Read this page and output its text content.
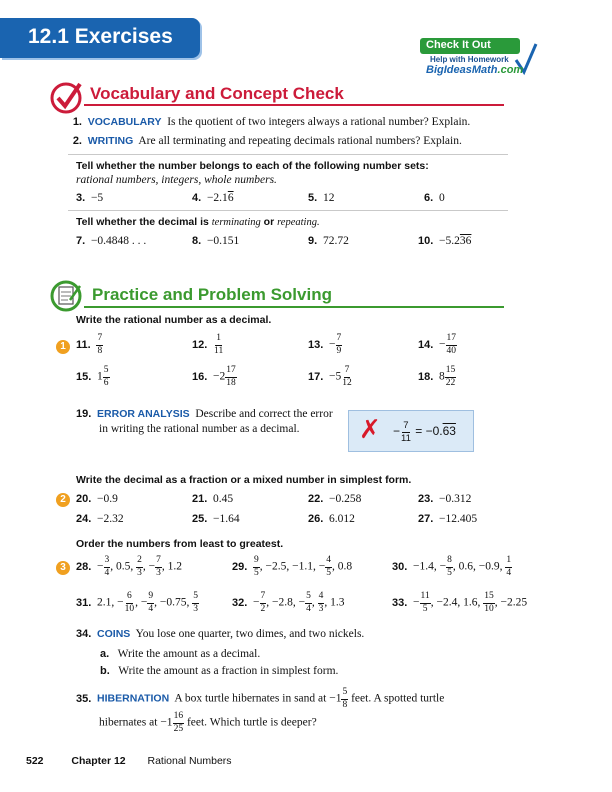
12.1 Exercises	Check It Out
Help with Homework
BigIdeasMath.com
Vocabulary and Concept Check
1. VOCABULARY Is the quotient of two integers always a rational number? Explain.
2. WRITING Are all terminating and repeating decimals rational numbers? Explain.
Tell whether the number belongs to each of the following number sets:
rational numbers, integers, whole numbers.
3. −5	4. −2.16	5. 12	6. 0
Tell whether the decimal is terminating or repeating.
7. −0.4848 . . .	8. −0.151	9. 72.72	10. −5.236
Practice and Problem Solving
Write the rational number as a decimal.
1 11. $\frac{7}{8}$	12. $\frac{1}{11}$	13. − $\frac{7}{9}$	14. − $\frac{17}{40}$
15. $1 \frac{5}{6}$	16. $-2 \frac{17}{18}$	17. $-5 \frac{7}{12}$	18. $8 \frac{15}{22}$
19. ERROR ANALYSIS Describe and correct the error
in writing the rational number as a decimal. ✗ − $\frac{7}{11} = -0.63$
Write the decimal as a fraction or a mixed number in simplest form.
2 20. −0.9	21. 0.45	22. −0.258	23. −0.312
24. −2.32	25. −1.64	26. 6.012	27. −12.405
Order the numbers from least to greatest.
3 28.  − $\frac{3}{4}$ , 0.5, $\frac{2}{3}$ , − $\frac{7}{3}$ , 1.2	29. $\frac{9}{5}$ , −2.5, −1.1, − $\frac{4}{5}$ , 0.8	30.  −1.4, − $\frac{8}{5}$ , 0.6, −0.9, $\frac{1}{4}$
31.  2.1, − $\frac{6}{10}$ , − $\frac{9}{4}$ , −0.75, $\frac{5}{3}$	32.  − $\frac{7}{2}$ , −2.8, − $\frac{5}{4}$ , $\frac{4}{3}$ , 1.3	33.  − $\frac{11}{5}$ , −2.4, 1.6, $\frac{15}{10}$ , −2.25
34. COINS You lose one quarter, two dimes, and two nickels.
a. Write the amount as a decimal.
b. Write the amount as a fraction in simplest form.
35. HIBERNATION A box turtle hibernates in sand at $-1 \frac{5}{8}$ feet. A spotted turtle
hibernates at $-1 \frac{16}{25}$ feet. Which turtle is deeper?
522	Chapter 12 Rational Numbers
